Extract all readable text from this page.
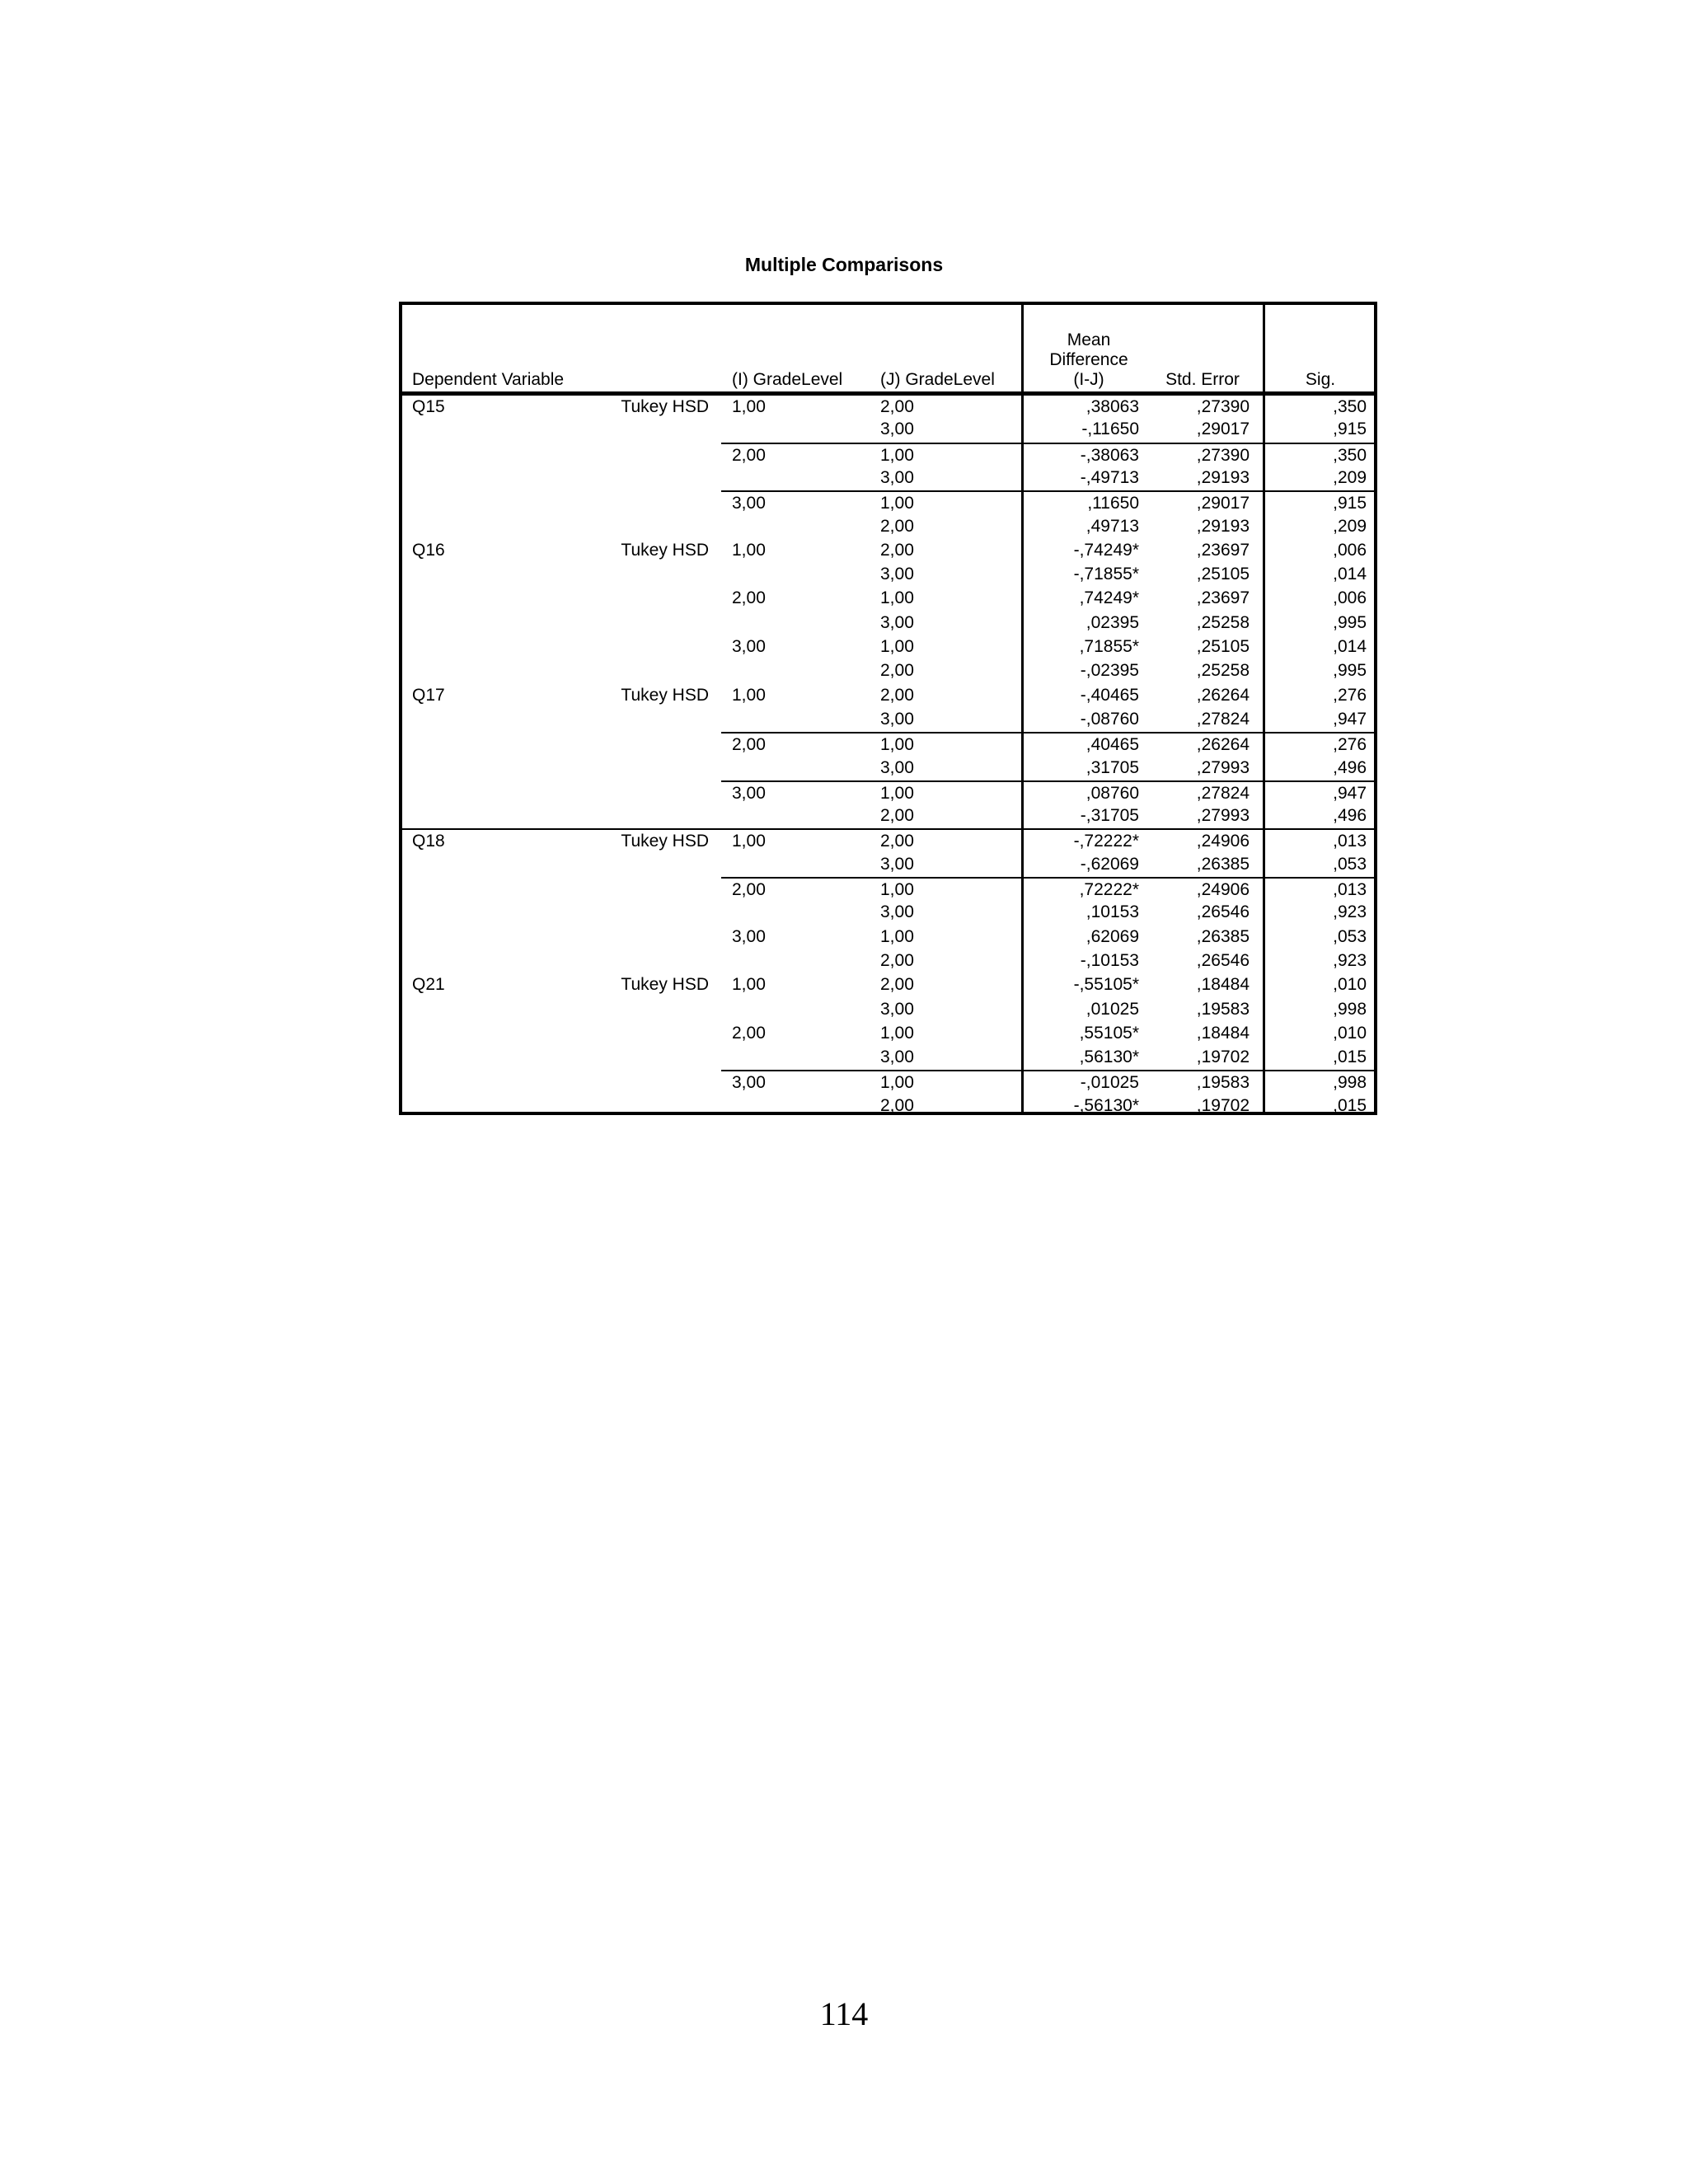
Multiple Comparisons
Dependent Variable	(I) GradeLevel (J) GradeLevel
Mean
Difference
(I-J)	Std. Error	Sig.
Q15	Tukey HSD 1,00	2,00	,38063	,27390	,350
3,00	-,11650	,29017	,915
2,00	1,00	-,38063	,27390	,350
3,00	-,49713	,29193	,209
3,00	1,00	,11650	,29017	,915
2,00	,49713	,29193	,209
Q16	Tukey HSD 1,00	2,00	-,74249*	,23697	,006
3,00	-,71855*	,25105	,014
2,00	1,00	,74249*	,23697	,006
3,00	,02395	,25258	,995
3,00	1,00	,71855*	,25105	,014
2,00	-,02395	,25258	,995
Q17	Tukey HSD 1,00	2,00	-,40465	,26264	,276
3,00	-,08760	,27824	,947
2,00	1,00	,40465	,26264	,276
3,00	,31705	,27993	,496
3,00	1,00	,08760	,27824	,947
2,00	-,31705	,27993	,496
Q18	Tukey HSD 1,00	2,00	-,72222*	,24906	,013
3,00	-,62069	,26385	,053
2,00	1,00	,72222*	,24906	,013
3,00	,10153	,26546	,923
3,00	1,00	,62069	,26385	,053
2,00	-,10153	,26546	,923
Q21	Tukey HSD 1,00	2,00	-,55105*	,18484	,010
3,00	,01025	,19583	,998
2,00	1,00	,55105*	,18484	,010
3,00	,56130*	,19702	,015
3,00	1,00	-,01025	,19583	,998
2,00	-,56130*	,19702	,015
114
